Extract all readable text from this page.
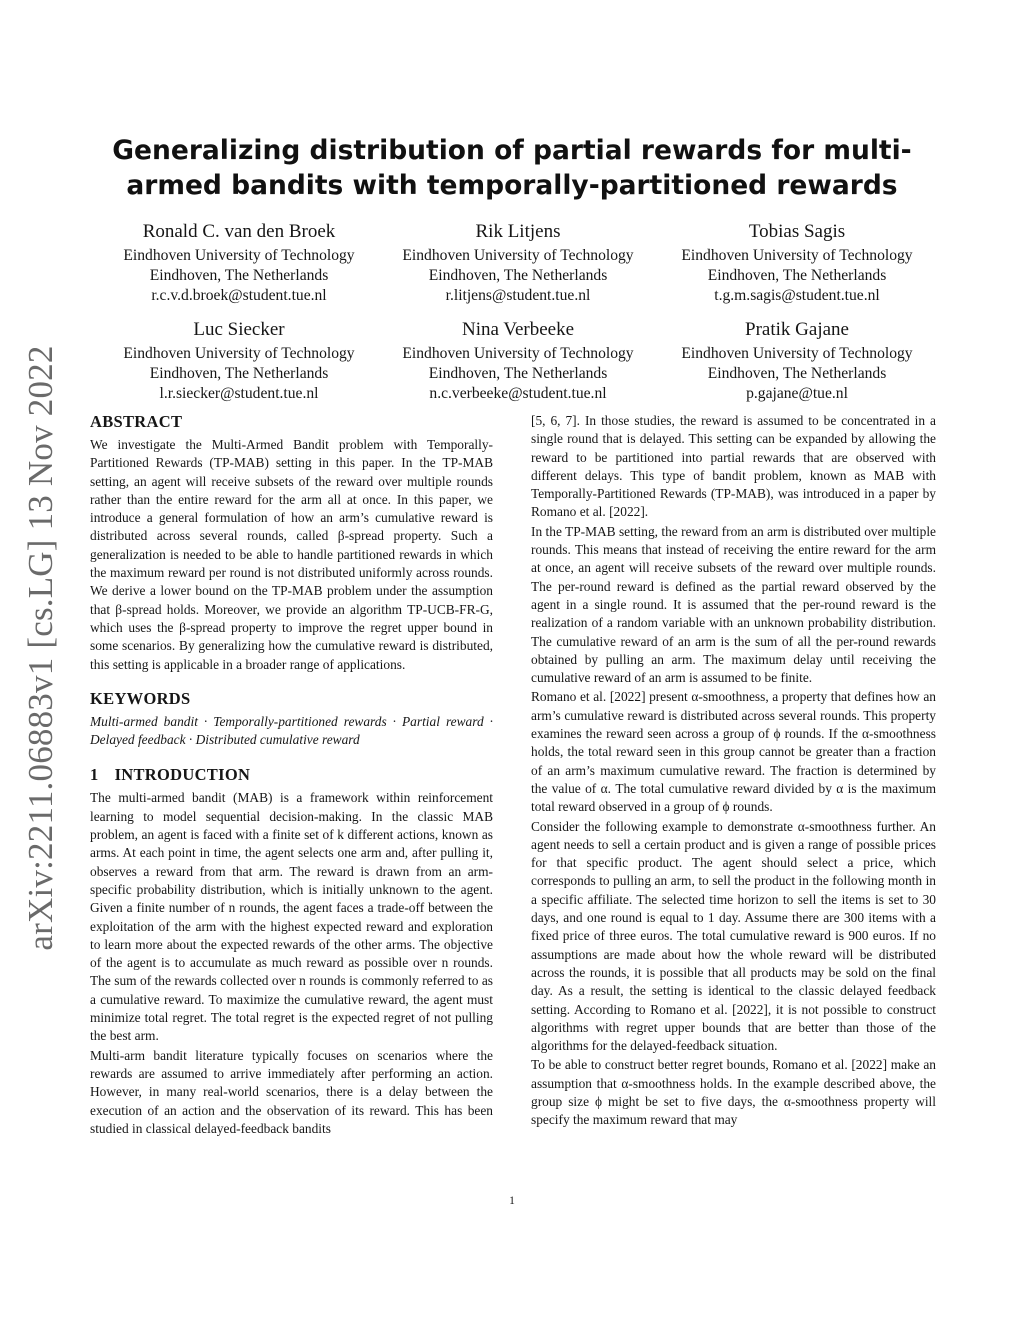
arXiv:2211.06883v1 [cs.LG] 13 Nov 2022
Generalizing distribution of partial rewards for multi-armed bandits with temporally-partitioned rewards
Ronald C. van den Broek
Eindhoven University of Technology
Eindhoven, The Netherlands
r.c.v.d.broek@student.tue.nl
Rik Litjens
Eindhoven University of Technology
Eindhoven, The Netherlands
r.litjens@student.tue.nl
Tobias Sagis
Eindhoven University of Technology
Eindhoven, The Netherlands
t.g.m.sagis@student.tue.nl
Luc Siecker
Eindhoven University of Technology
Eindhoven, The Netherlands
l.r.siecker@student.tue.nl
Nina Verbeeke
Eindhoven University of Technology
Eindhoven, The Netherlands
n.c.verbeeke@student.tue.nl
Pratik Gajane
Eindhoven University of Technology
Eindhoven, The Netherlands
p.gajane@tue.nl
ABSTRACT

We investigate the Multi-Armed Bandit problem with Temporally-Partitioned Rewards (TP-MAB) setting in this paper. In the TP-MAB setting, an agent will receive subsets of the reward over multiple rounds rather than the entire reward for the arm all at once. In this paper, we introduce a general formulation of how an arm’s cumulative reward is distributed across several rounds, called β-spread property. Such a generalization is needed to be able to handle partitioned rewards in which the maximum reward per round is not distributed uniformly across rounds. We derive a lower bound on the TP-MAB problem under the assumption that β-spread holds. Moreover, we provide an algorithm TP-UCB-FR-G, which uses the β-spread property to improve the regret upper bound in some scenarios. By generalizing how the cumulative reward is distributed, this setting is applicable in a broader range of applications.

KEYWORDS

Multi-armed bandit · Temporally-partitioned rewards · Partial reward · Delayed feedback · Distributed cumulative reward

1 INTRODUCTION

The multi-armed bandit (MAB) is a framework within reinforcement learning to model sequential decision-making. In the classic MAB problem, an agent is faced with a finite set of k different actions, known as arms. At each point in time, the agent selects one arm and, after pulling it, observes a reward from that arm. The reward is drawn from an arm-specific probability distribution, which is initially unknown to the agent. Given a finite number of n rounds, the agent faces a trade-off between the exploitation of the arm with the highest expected reward and exploration to learn more about the expected rewards of the other arms. The objective of the agent is to accumulate as much reward as possible over n rounds. The sum of the rewards collected over n rounds is commonly referred to as a cumulative reward. To maximize the cumulative reward, the agent must minimize total regret. The total regret is the expected regret of not pulling the best arm.

Multi-arm bandit literature typically focuses on scenarios where the rewards are assumed to arrive immediately after performing an action. However, in many real-world scenarios, there is a delay between the execution of an action and the observation of its reward. This has been studied in classical delayed-feedback bandits

[5, 6, 7]. In those studies, the reward is assumed to be concentrated in a single round that is delayed. This setting can be expanded by allowing the reward to be partitioned into partial rewards that are observed with different delays. This type of bandit problem, known as MAB with Temporally-Partitioned Rewards (TP-MAB), was introduced in a paper by Romano et al. [2022].

In the TP-MAB setting, the reward from an arm is distributed over multiple rounds. This means that instead of receiving the entire reward for the arm at once, an agent will receive subsets of the reward over multiple rounds. The per-round reward is defined as the partial reward observed by the agent in a single round. It is assumed that the per-round reward is the realization of a random variable with an unknown probability distribution. The cumulative reward of an arm is the sum of all the per-round rewards obtained by pulling an arm. The maximum delay until receiving the cumulative reward of an arm is assumed to be finite.

Romano et al. [2022] present α-smoothness, a property that defines how an arm’s cumulative reward is distributed across several rounds. This property examines the reward seen across a group of ϕ rounds. If the α-smoothness holds, the total reward seen in this group cannot be greater than a fraction of an arm’s maximum cumulative reward. The fraction is determined by the value of α. The total cumulative reward divided by α is the maximum total reward observed in a group of ϕ rounds.

Consider the following example to demonstrate α-smoothness further. An agent needs to sell a certain product and is given a range of possible prices for that specific product. The agent should select a price, which corresponds to pulling an arm, to sell the product in the following month in a specific affiliate. The selected time horizon to sell the items is set to 30 days, and one round is equal to 1 day. Assume there are 300 items with a fixed price of three euros. The total cumulative reward is 900 euros. If no assumptions are made about how the whole reward will be distributed across the rounds, it is possible that all products may be sold on the final day. As a result, the setting is identical to the classic delayed feedback setting. According to Romano et al. [2022], it is not possible to construct algorithms with regret upper bounds that are better than those of the algorithms for the delayed-feedback situation.

To be able to construct better regret bounds, Romano et al. [2022] make an assumption that α-smoothness holds. In the example described above, the group size ϕ might be set to five days, the α-smoothness property will specify the maximum reward that may

1
